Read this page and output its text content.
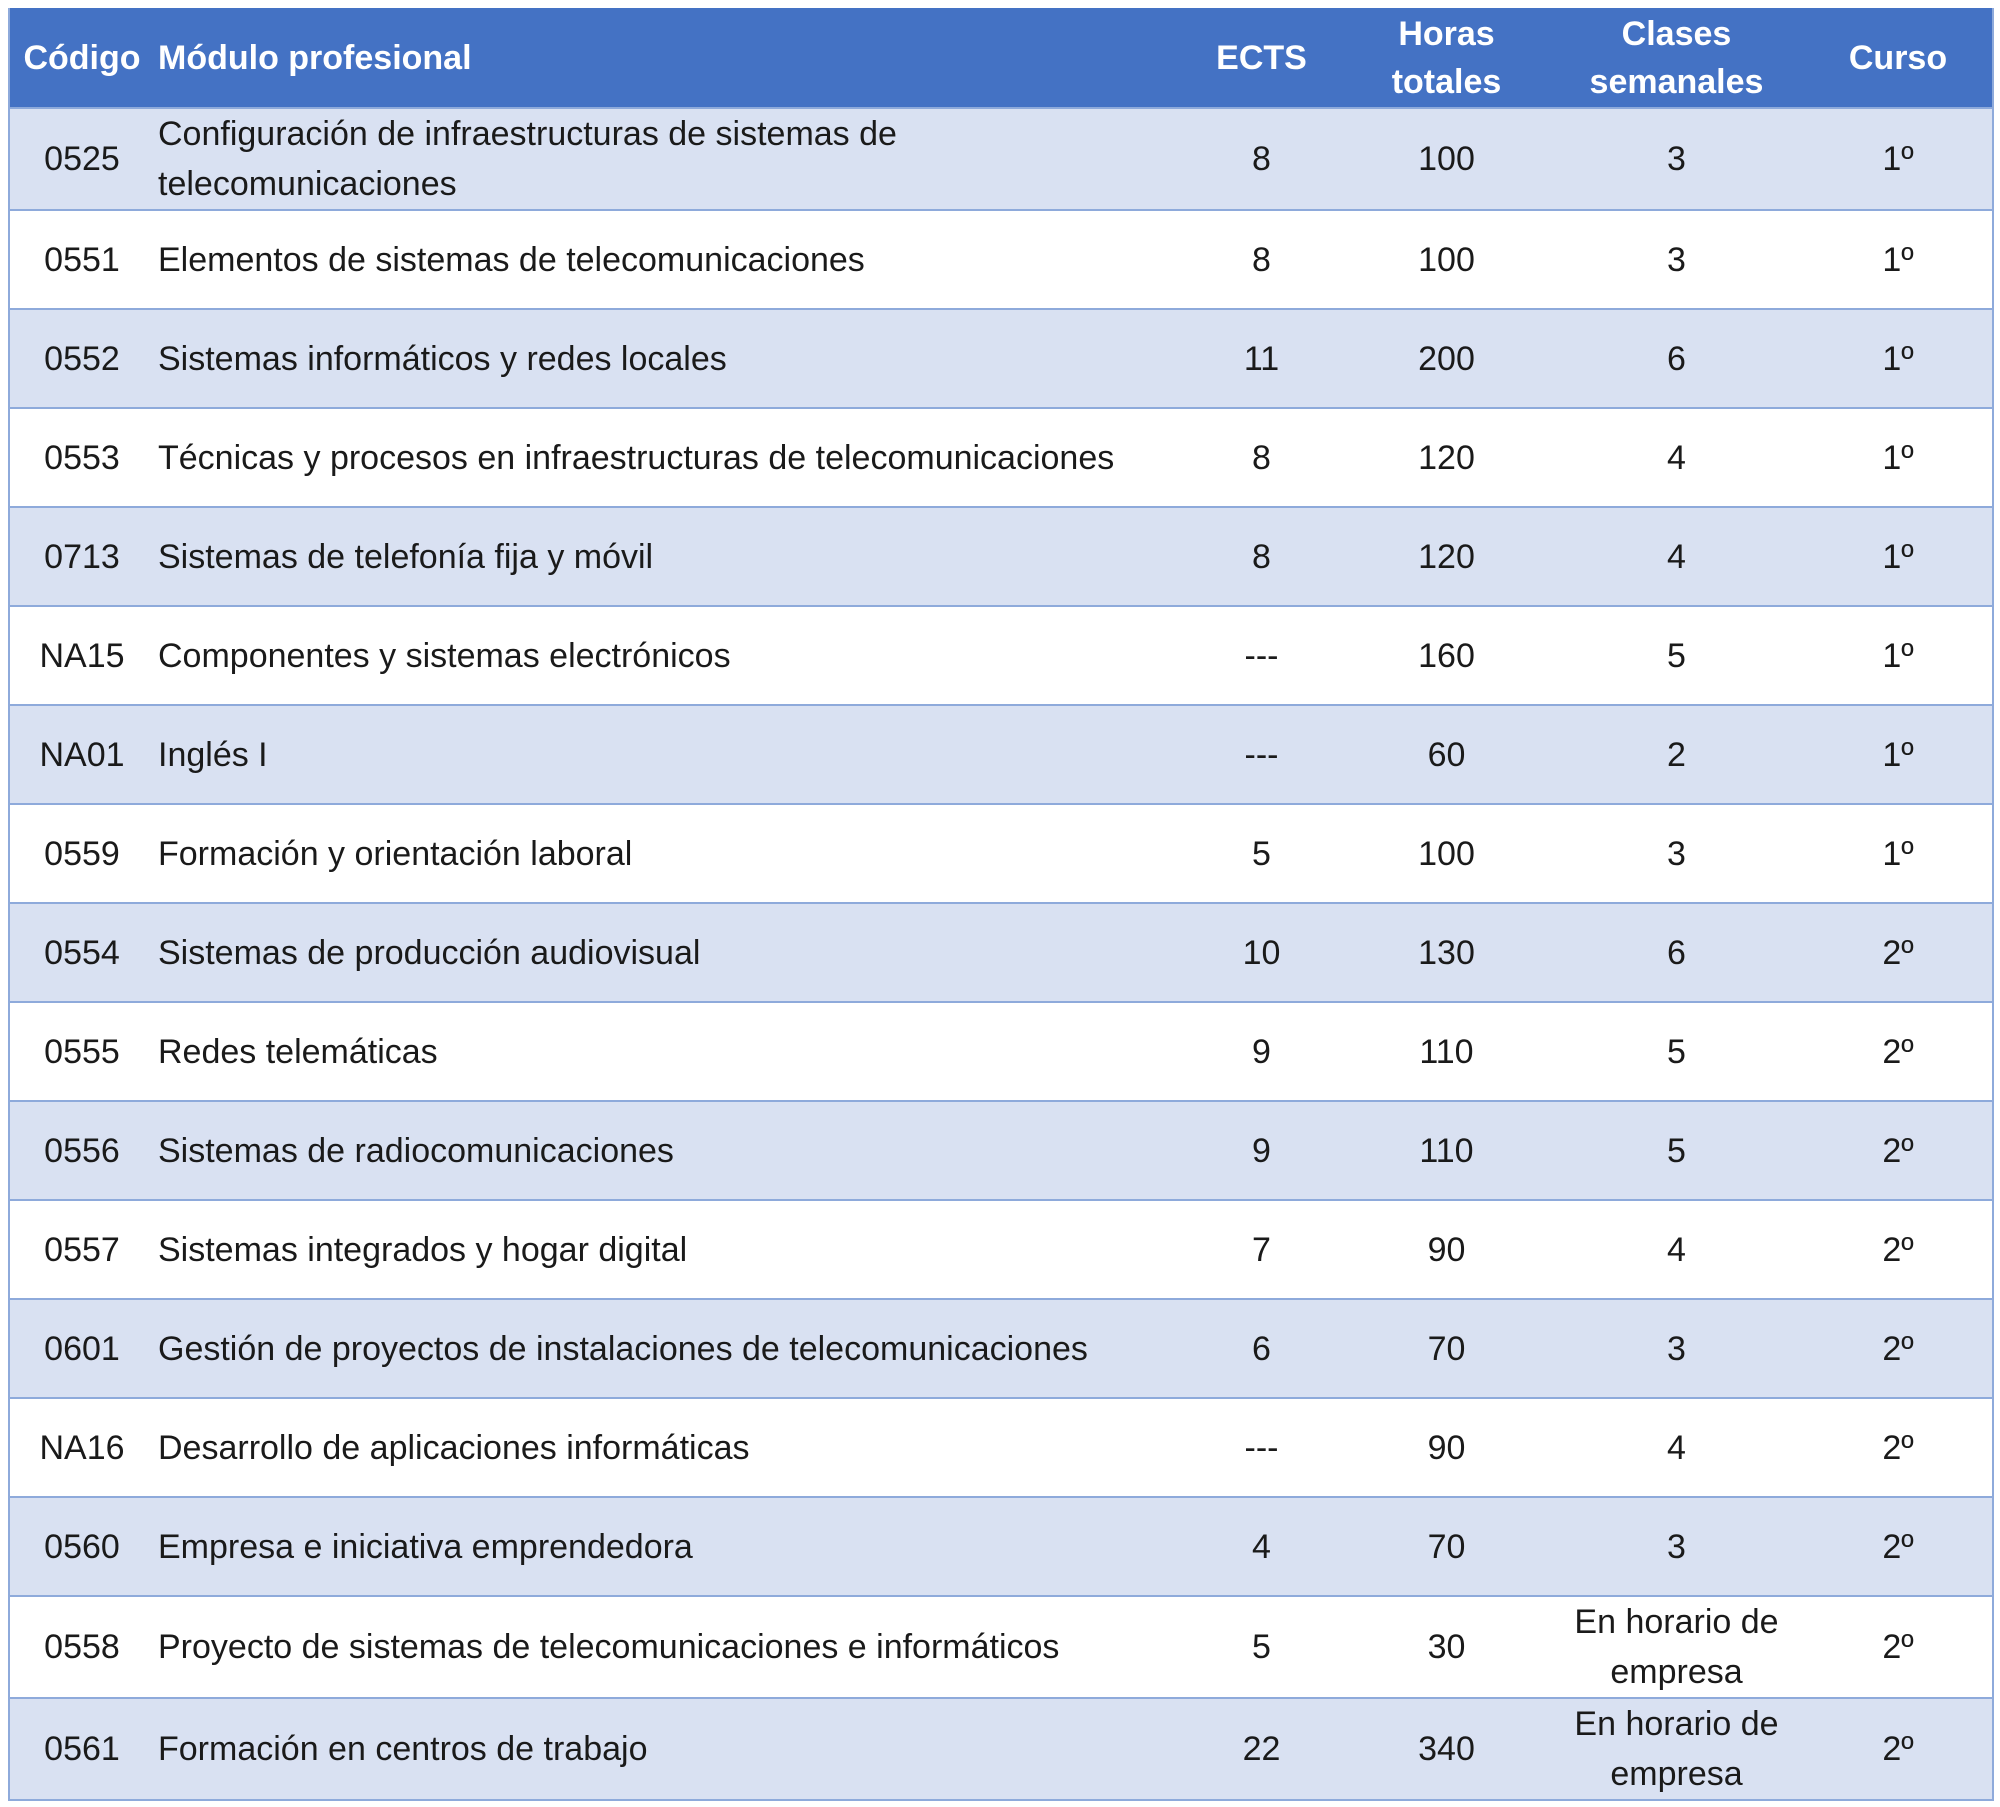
Código	Módulo profesional	ECTS	Horas totales	Clases semanales	Curso
0525	Configuración de infraestructuras de sistemas de telecomunicaciones	8	100	3	1º
0551	Elementos de sistemas de telecomunicaciones	8	100	3	1º
0552	Sistemas informáticos y redes locales	11	200	6	1º
0553	Técnicas y procesos en infraestructuras de telecomunicaciones	8	120	4	1º
0713	Sistemas de telefonía fija y móvil	8	120	4	1º
NA15	Componentes y sistemas electrónicos	---	160	5	1º
NA01	Inglés I	---	60	2	1º
0559	Formación y orientación laboral	5	100	3	1º
0554	Sistemas de producción audiovisual	10	130	6	2º
0555	Redes telemáticas	9	110	5	2º
0556	Sistemas de radiocomunicaciones	9	110	5	2º
0557	Sistemas integrados y hogar digital	7	90	4	2º
0601	Gestión de proyectos de instalaciones de telecomunicaciones	6	70	3	2º
NA16	Desarrollo de aplicaciones informáticas	---	90	4	2º
0560	Empresa e iniciativa emprendedora	4	70	3	2º
0558	Proyecto de sistemas de telecomunicaciones e informáticos	5	30	En horario de empresa	2º
0561	Formación en centros de trabajo	22	340	En horario de empresa	2º
